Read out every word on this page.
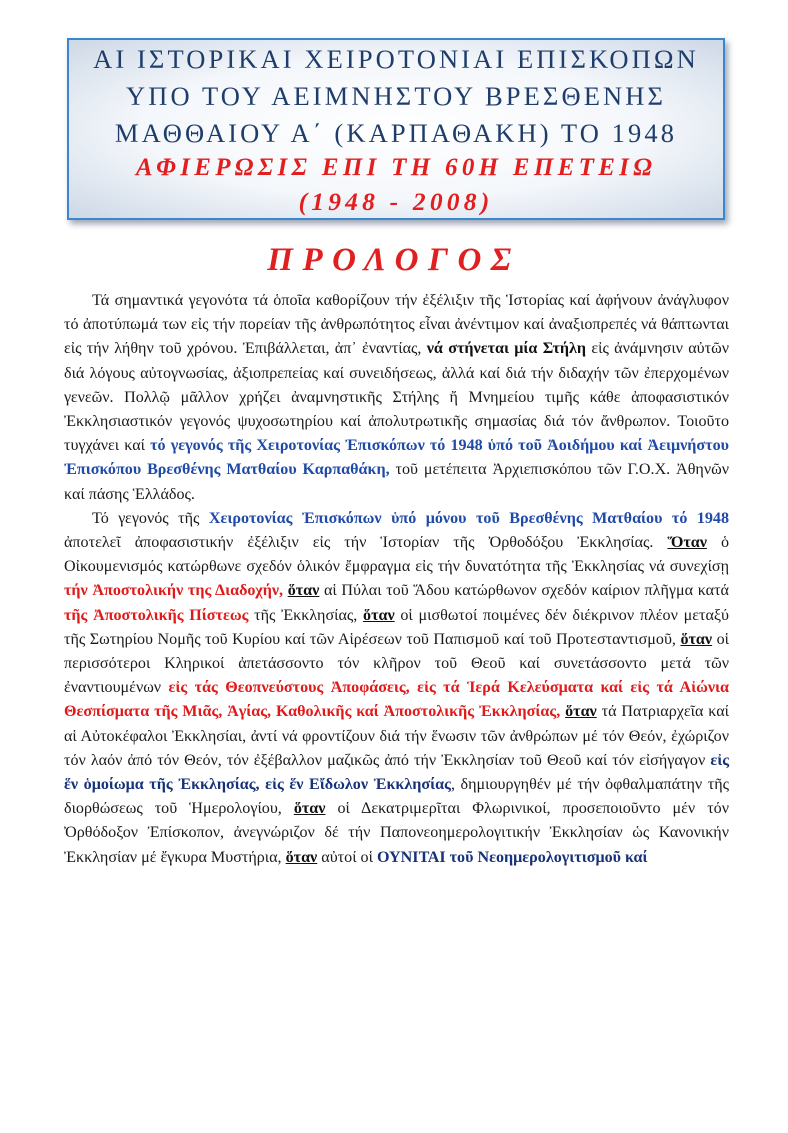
ΑΙ ΙΣΤΟΡΙΚΑΙ ΧΕΙΡΟΤΟΝΙΑΙ ΕΠΙΣΚΟΠΩΝ
ΥΠΟ ΤΟΥ ΑΕΙΜΝΗΣΤΟΥ ΒΡΕΣΘΕΝΗΣ
ΜΑΘΘΑΙΟΥ Α΄ (ΚΑΡΠΑΘΑΚΗ) ΤΟ 1948
ΑΦΙΕΡΩΣΙΣ ΕΠΙ ΤΗ 60Η ΕΠΕΤΕΙΩ
(1948 - 2008)
ΠΡΟΛΟΓΟΣ

Τά σημαντικά γεγονότα τά ὁποῖα καθορίζουν τήν ἐξέλιξιν τῆς Ἱστορίας καί ἀφήνουν ἀνάγλυφον τό ἀποτύπωμά των εἰς τήν πορείαν τῆς ἀνθρωπότητος εἶναι ἀνέντιμον καί ἀναξιοπρεπές νά θάπτωνται εἰς τήν λήθην τοῦ χρόνου. Ἐπιβάλλεται, ἀπ᾽ ἐναντίας, νά στήνεται μία Στήλη εἰς ἀνάμνησιν αὐτῶν διά λόγους αὐτογνωσίας, ἀξιοπρεπείας καί συνειδήσεως, ἀλλά καί διά τήν διδαχήν τῶν ἐπερχομένων γενεῶν. Πολλῷ μᾶλλον χρήζει ἀναμνηστικῆς Στήλης ἤ Μνημείου τιμῆς κάθε ἀποφασιστικόν Ἐκκλησιαστικόν γεγονός ψυχοσωτηρίου καί ἀπολυτρωτικῆς σημασίας διά τόν ἄνθρωπον. Τοιοῦτο τυγχάνει καί τό γεγονός τῆς Χειροτονίας Ἐπισκόπων τό 1948 ὑπό τοῦ Ἀοιδήμου καί Ἀειμνήστου Ἐπισκόπου Βρεσθένης Ματθαίου Καρπαθάκη, τοῦ μετέπειτα Ἀρχιεπισκόπου τῶν Γ.Ο.Χ. Ἀθηνῶν καί πάσης Ἑλλάδος.

Τό γεγονός τῆς Χειροτονίας Ἐπισκόπων ὑπό μόνου τοῦ Βρεσθένης Ματθαίου τό 1948 ἀποτελεῖ ἀποφασιστικήν ἐξέλιξιν εἰς τήν Ἱστορίαν τῆς Ὀρθοδόξου Ἐκκλησίας. Ὅταν ὁ Οἰκουμενισμός κατώρθωνε σχεδόν ὁλικόν ἔμφραγμα εἰς τήν δυνατότητα τῆς Ἐκκλησίας νά συνεχίσῃ τήν Ἀποστολικήν της Διαδοχήν, ὅταν αἱ Πύλαι τοῦ Ἅδου κατώρθωνον σχεδόν καίριον πλῆγμα κατά τῆς Ἀποστολικῆς Πίστεως τῆς Ἐκκλησίας, ὅταν οἱ μισθωτοί ποιμένες δέν διέκρινον πλέον μεταξύ τῆς Σωτηρίου Νομῆς τοῦ Κυρίου καί τῶν Αἱρέσεων τοῦ Παπισμοῦ καί τοῦ Προτεσταντισμοῦ, ὅταν οἱ περισσότεροι Κληρικοί ἀπετάσσοντο τόν κλῆρον τοῦ Θεοῦ καί συνετάσσοντο μετά τῶν ἐναντιουμένων εἰς τάς Θεοπνεύστους Ἀποφάσεις, εἰς τά Ἱερά Κελεύσματα καί εἰς τά Αἰώνια Θεσπίσματα τῆς Μιᾶς, Ἁγίας, Καθολικῆς καί Ἀποστολικῆς Ἐκκλησίας, ὅταν τά Πατριαρχεῖα καί αἱ Αὐτοκέφαλοι Ἐκκλησίαι, ἀντί νά φροντίζουν διά τήν ἕνωσιν τῶν ἀνθρώπων μέ τόν Θεόν, ἐχώριζον τόν λαόν ἀπό τόν Θεόν, τόν ἐξέβαλλον μαζικῶς ἀπό τήν Ἐκκλησίαν τοῦ Θεοῦ καί τόν εἰσήγαγον εἰς ἕν ὁμοίωμα τῆς Ἐκκλησίας, εἰς ἕν Εἴδωλον Ἐκκλησίας, δημιουργηθέν μέ τήν ὀφθαλμαπάτην τῆς διορθώσεως τοῦ Ἡμερολογίου, ὅταν οἱ Δεκατριμερῖται Φλωρινικοί, προσεποιοῦντο μέν τόν Ὀρθόδοξον Ἐπίσκοπον, ἀνεγνώριζον δέ τήν Παπονεοημερολογιτικήν Ἐκκλησίαν ὡς Κανονικήν Ἐκκλησίαν μέ ἔγκυρα Μυστήρια, ὅταν αὐτοί οἱ ΟΥΝΙΤΑΙ τοῦ Νεοημερολογιτισμοῦ καί
